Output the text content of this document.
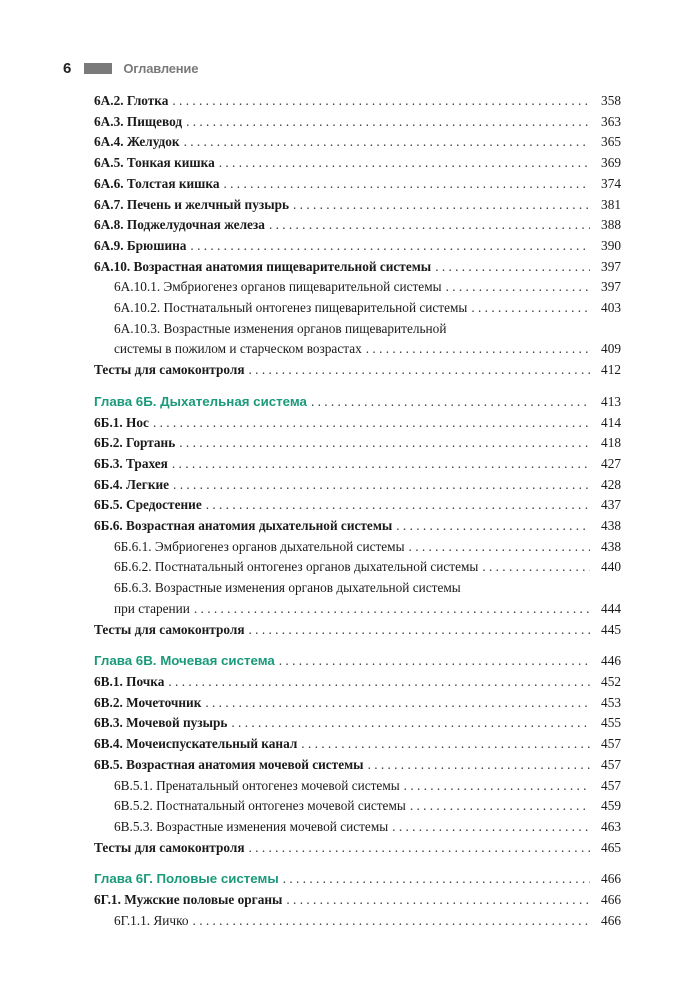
6	Оглавление
6А.2. Глотка . . .	358
6А.3. Пищевод . . .	363
6А.4. Желудок . . .	365
6А.5. Тонкая кишка . . .	369
6А.6. Толстая кишка . . .	374
6А.7. Печень и желчный пузырь . . .	381
6А.8. Поджелудочная железа . . .	388
6А.9. Брюшина . . .	390
6А.10. Возрастная анатомия пищеварительной системы . . .	397
6А.10.1. Эмбриогенез органов пищеварительной системы . . .	397
6А.10.2. Постнатальный онтогенез пищеварительной системы . . .	403
6А.10.3. Возрастные изменения органов пищеварительной
системы в пожилом и старческом возрастах . . .	409
Тесты для самоконтроля . . .	412
Глава 6Б. Дыхательная система . . .	413
6Б.1. Нос . . .	414
6Б.2. Гортань . . .	418
6Б.3. Трахея . . .	427
6Б.4. Легкие . . .	428
6Б.5. Средостение . . .	437
6Б.6. Возрастная анатомия дыхательной системы . . .	438
6Б.6.1. Эмбриогенез органов дыхательной системы . . .	438
6Б.6.2. Постнатальный онтогенез органов дыхательной системы . . .	440
6Б.6.3. Возрастные изменения органов дыхательной системы
при старении . . .	444
Тесты для самоконтроля . . .	445
Глава 6В. Мочевая система . . .	446
6В.1. Почка . . .	452
6В.2. Мочеточник . . .	453
6В.3. Мочевой пузырь . . .	455
6В.4. Мочеиспускательный канал . . .	457
6В.5. Возрастная анатомия мочевой системы . . .	457
6В.5.1. Пренатальный онтогенез мочевой системы . . .	457
6В.5.2. Постнатальный онтогенез мочевой системы . . .	459
6В.5.3. Возрастные изменения мочевой системы . . .	463
Тесты для самоконтроля . . .	465
Глава 6Г. Половые системы . . .	466
6Г.1. Мужские половые органы . . .	466
6Г.1.1. Яичко . . .	466
